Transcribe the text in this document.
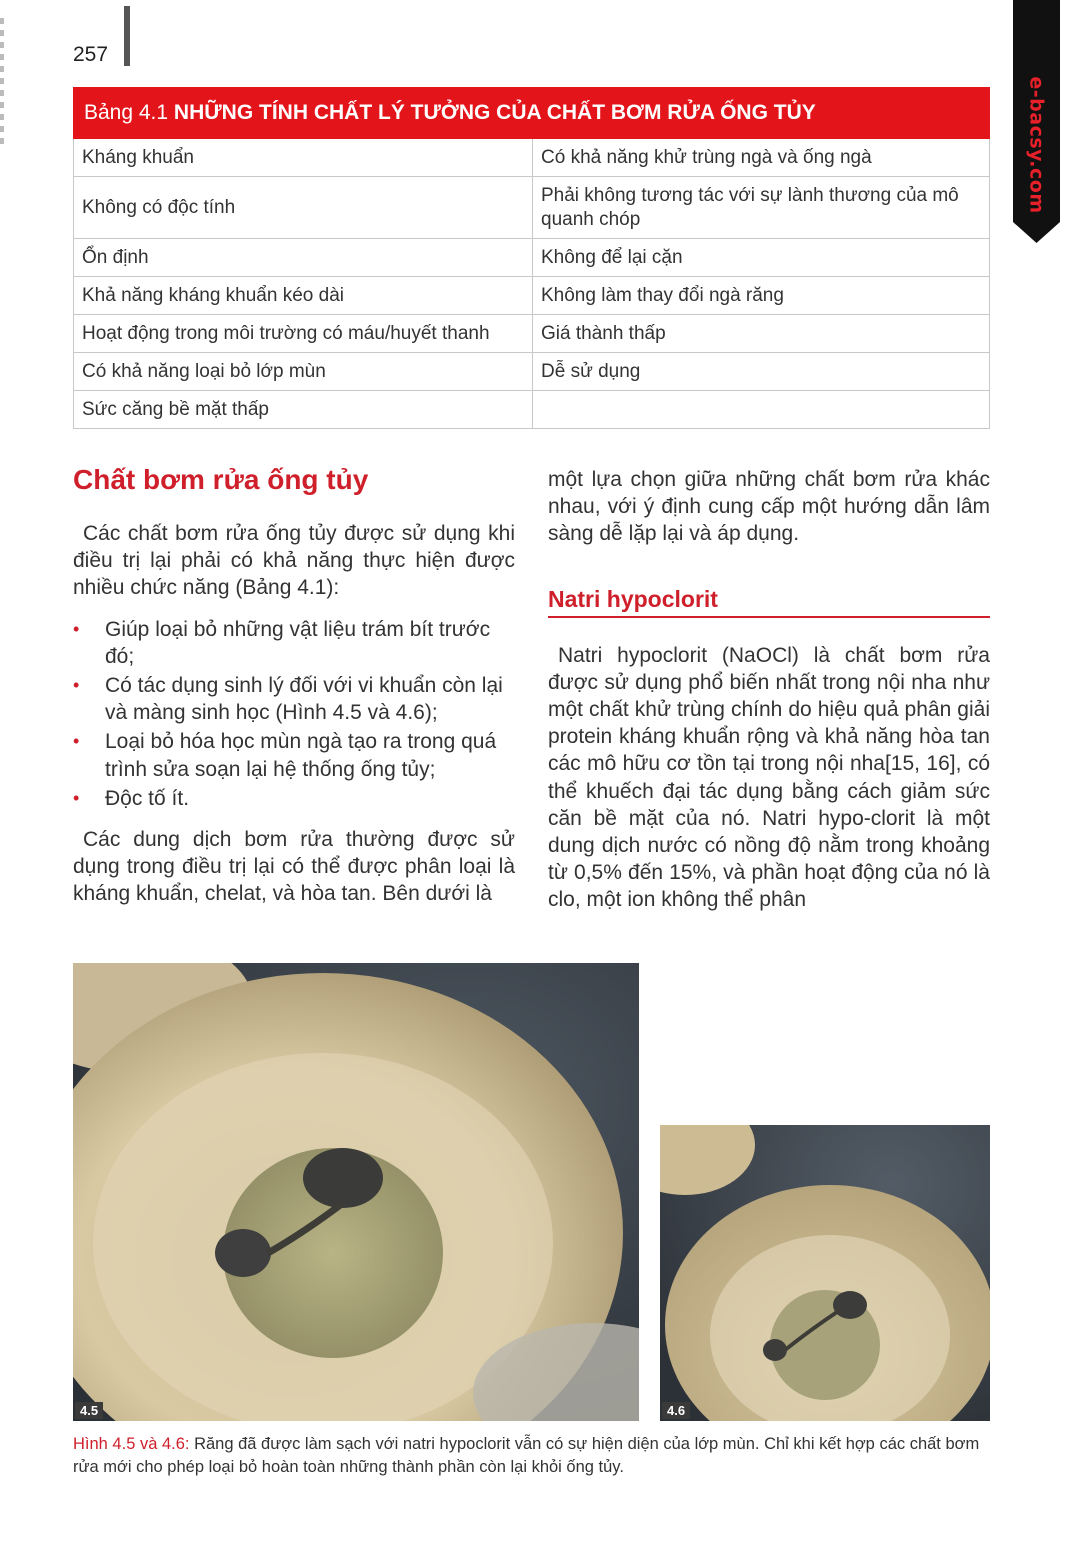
257
e-bacsy.com
Bảng 4.1 NHỮNG TÍNH CHẤT LÝ TƯỞNG CỦA CHẤT BƠM RỬA ỐNG TỦY	
Kháng khuẩn	Có khả năng khử trùng ngà và ống ngà
Không có độc tính	Phải không tương tác với sự lành thương của mô quanh chóp
Ổn định	Không để lại cặn
Khả năng kháng khuẩn kéo dài	Không làm thay đổi ngà răng
Hoạt động trong môi trường có máu/huyết thanh	Giá thành thấp
Có khả năng loại bỏ lớp mùn	Dễ sử dụng
Sức căng bề mặt thấp	
Chất bơm rửa ống tủy

Các chất bơm rửa ống tủy được sử dụng khi điều trị lại phải có khả năng thực hiện được nhiều chức năng (Bảng 4.1):

• Giúp loại bỏ những vật liệu trám bít trước đó;
• Có tác dụng sinh lý đối với vi khuẩn còn lại và màng sinh học (Hình 4.5 và 4.6);
• Loại bỏ hóa học mùn ngà tạo ra trong quá trình sửa soạn lại hệ thống ống tủy;
• Độc tố ít.

Các dung dịch bơm rửa thường được sử dụng trong điều trị lại có thể được phân loại là kháng khuẩn, chelat, và hòa tan. Bên dưới là

một lựa chọn giữa những chất bơm rửa khác nhau, với ý định cung cấp một hướng dẫn lâm sàng dễ lặp lại và áp dụng.

Natri hypoclorit

Natri hypoclorit (NaOCl) là chất bơm rửa được sử dụng phổ biến nhất trong nội nha như một chất khử trùng chính do hiệu quả phân giải protein kháng khuẩn rộng và khả năng hòa tan các mô hữu cơ tồn tại trong nội nha[15, 16], có thể khuếch đại tác dụng bằng cách giảm sức căn bề mặt của nó. Natri hypo-clorit là một dung dịch nước có nồng độ nằm trong khoảng từ 0,5% đến 15%, và phần hoạt động của nó là clo, một ion không thể phân

4.5	4.6
Hình 4.5 và 4.6: Răng đã được làm sạch với natri hypoclorit vẫn có sự hiện diện của lớp mùn. Chỉ khi kết hợp các chất bơm rửa mới cho phép loại bỏ hoàn toàn những thành phần còn lại khỏi ống tủy.
